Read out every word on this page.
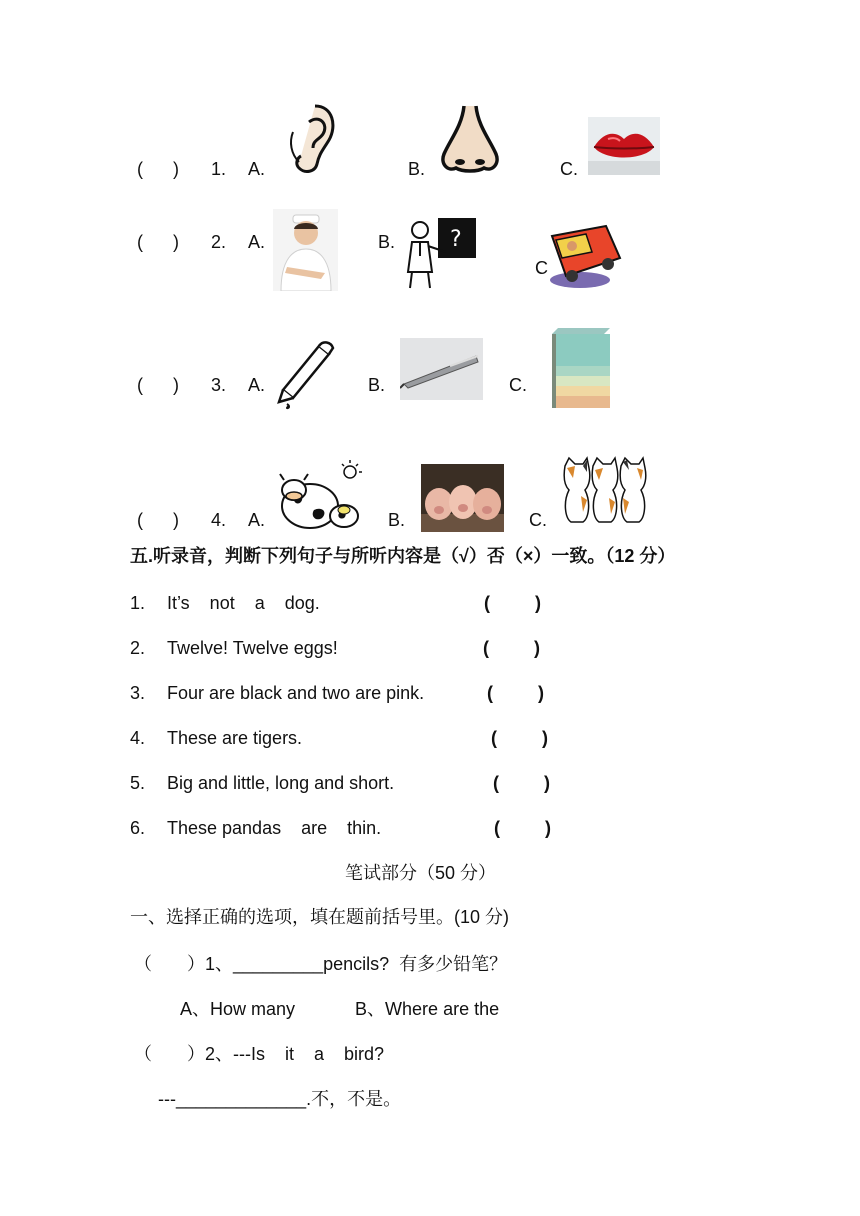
(      ) 1. A.	B.	C.
(      ) 2. A.	B. ?
C
(      ) 3. A.	B.	C.
(      ) 4. A.	B.	C.
五.听录音，判断下列句子与所听内容是（√）否（×）一致。（12 分）
1. It’s    not    a    dog.	(         )
2. Twelve! Twelve eggs!	(         )
3. Four are black and two are pink.	(         )
4. These are tigers.	(         )
5. Big and little, long and short.	(         )
6. These pandas    are    thin.	(         )
笔试部分（50 分）
一、选择正确的选项，填在题前括号里。(10 分)
（       ）1、_________pencils?  有多少铅笔？
A、How many            B、Where are the
（       ）2、---Is    it    a    bird?
---_____________.不，不是。
